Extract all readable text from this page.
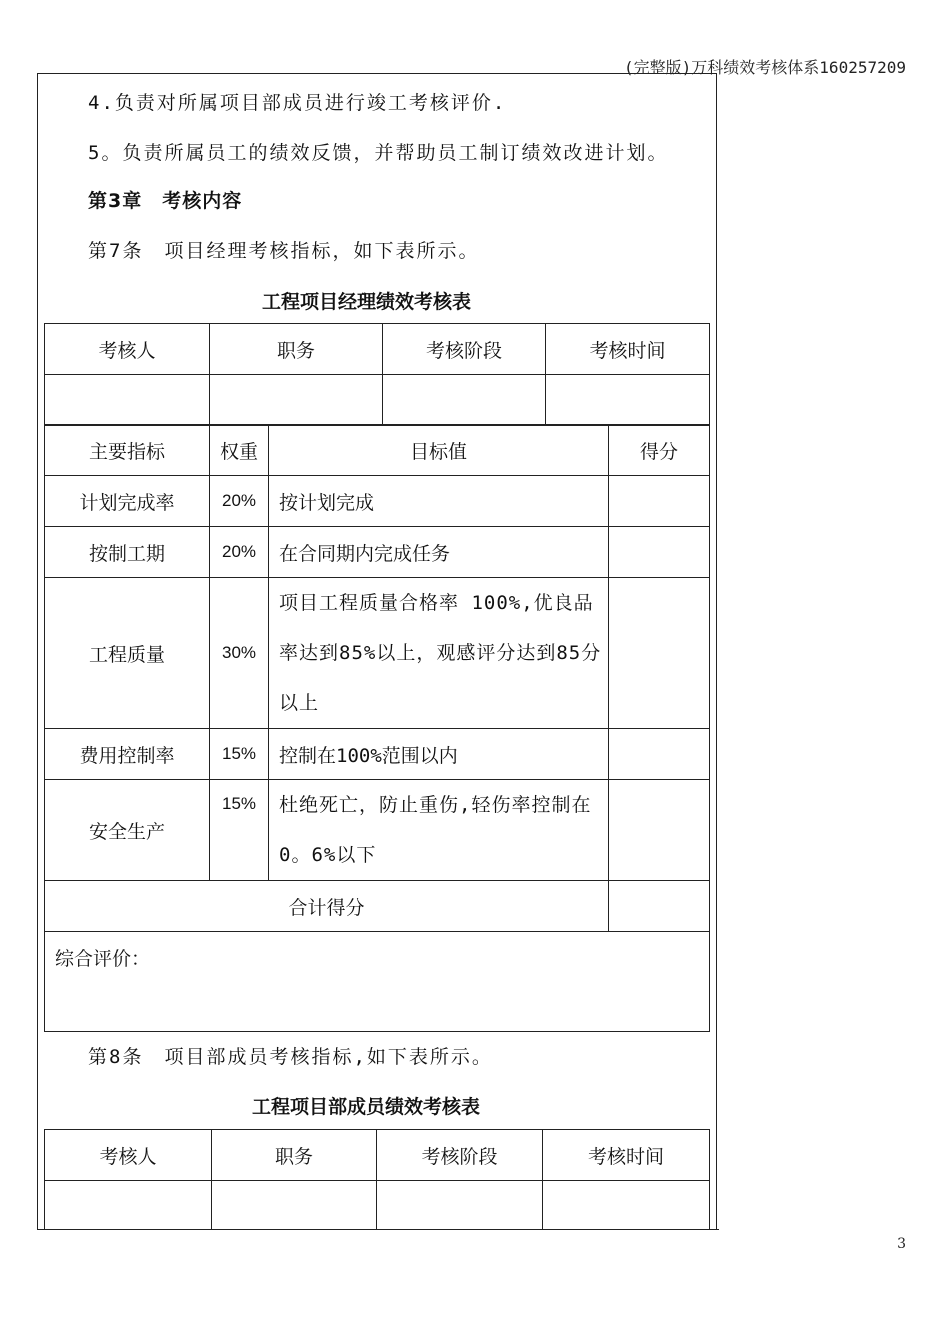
(完整版)万科绩效考核体系160257209
4.负责对所属项目部成员进行竣工考核评价.
5。负责所属员工的绩效反馈，并帮助员工制订绩效改进计划。
第3章　考核内容
第7条　项目经理考核指标，如下表所示。
工程项目经理绩效考核表
考核人	职务	考核阶段	考核时间

主要指标	权重	目标值	得分
计划完成率	20%	按计划完成	
按制工期	20%	在合同期内完成任务	
工程质量	30%	项目工程质量合格率 100%,优良品率达到85%以上，观感评分达到85分以上	
费用控制率	15%	控制在100%范围以内	
安全生产	15%	杜绝死亡，防止重伤,轻伤率控制在0。6%以下	
合计得分			
综合评价：			
第8条　项目部成员考核指标,如下表所示。
工程项目部成员绩效考核表
考核人	职务	考核阶段	考核时间

3
